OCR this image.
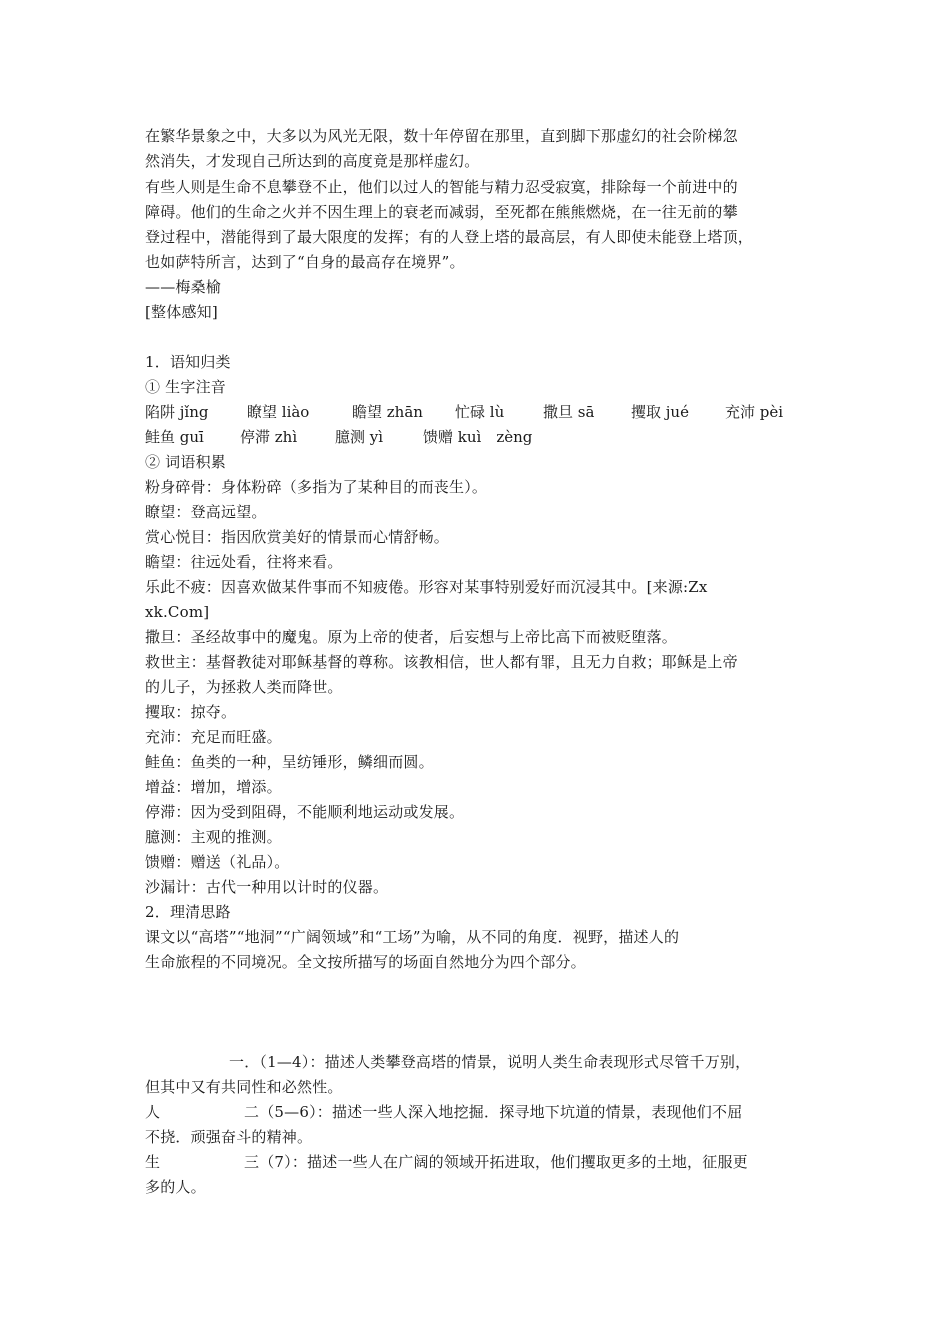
在繁华景象之中，大多以为风光无限，数十年停留在那里，直到脚下那虚幻的社会阶梯忽
然消失，才发现自己所达到的高度竟是那样虚幻。
有些人则是生命不息攀登不止，他们以过人的智能与精力忍受寂寞，排除每一个前进中的
障碍。他们的生命之火并不因生理上的衰老而减弱，至死都在熊熊燃烧，在一往无前的攀
登过程中，潜能得到了最大限度的发挥；有的人登上塔的最高层，有人即使未能登上塔顶，
也如萨特所言，达到了“自身的最高存在境界”。
——梅桑榆
[整体感知]
1．语知归类
① 生字注音
陷阱 jǐng	瞭望 liào	瞻望 zhān 忙碌 lù	撒旦 sā 攫取 jué 充沛 pèi
鲑鱼 guī 停滞 zhì	臆测 yì	馈赠 kuì　zèng
② 词语积累
粉身碎骨：身体粉碎（多指为了某种目的而丧生）。
瞭望：登高远望。
赏心悦目：指因欣赏美好的情景而心情舒畅。
瞻望：往远处看，往将来看。
乐此不疲：因喜欢做某件事而不知疲倦。形容对某事特别爱好而沉浸其中。[来源:Zx
xk.Com]
撒旦：圣经故事中的魔鬼。原为上帝的使者，后妄想与上帝比高下而被贬堕落。
救世主：基督教徒对耶稣基督的尊称。该教相信，世人都有罪，且无力自救；耶稣是上帝
的儿子，为拯救人类而降世。
攫取：掠夺。
充沛：充足而旺盛。
鲑鱼：鱼类的一种，呈纺锤形，鳞细而圆。
增益：增加，增添。
停滞：因为受到阻碍，不能顺利地运动或发展。
臆测：主观的推测。
馈赠：赠送（礼品）。
沙漏计：古代一种用以计时的仪器。
2．理清思路
课文以“高塔”“地洞”“广阔领域”和“工场”为喻，从不同的角度．视野，描述人的
生命旅程的不同境况。全文按所描写的场面自然地分为四个部分。
一．（1—4）：描述人类攀登高塔的情景，说明人类生命表现形式尽管千万别，
但其中又有共同性和必然性。
人	二（5—6）：描述一些人深入地挖掘．探寻地下坑道的情景，表现他们不屈
不挠．顽强奋斗的精神。
生	三（7）：描述一些人在广阔的领域开拓进取，他们攫取更多的土地，征服更
多的人。
